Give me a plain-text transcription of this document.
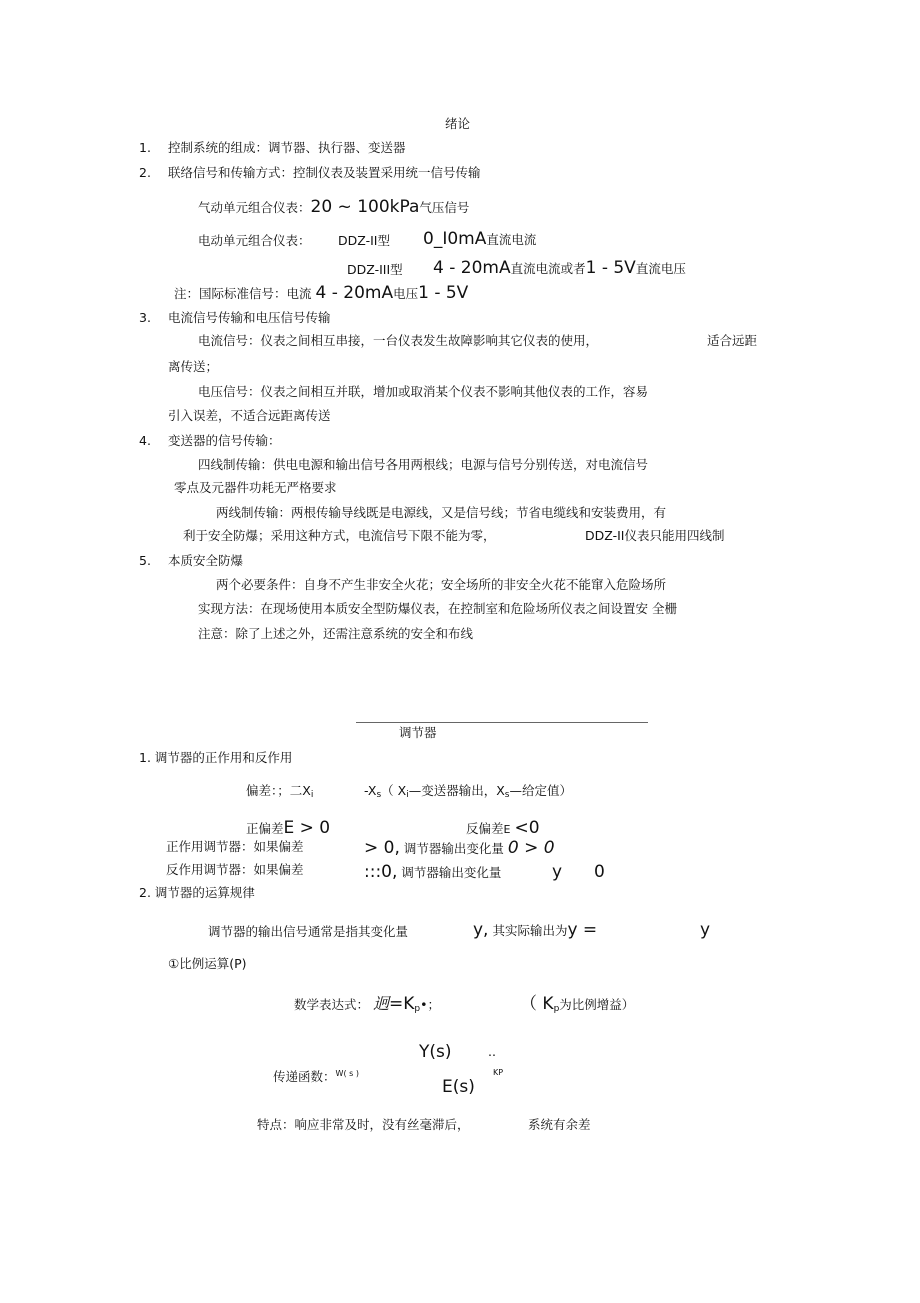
绪论
1. 控制系统的组成：调节器、执行器、变送器
2. 联络信号和传输方式：控制仪表及装置采用统一信号传输
气动单元组合仪表：20 ~ 100kPa气压信号
电动单元组合仪表： DDZ-II型 0_I0mA直流电流
DDZ-III型 4 - 20mA直流电流或者1 - 5V直流电压
注：国际标准信号：电流 4 - 20mA电压1 - 5V
3. 电流信号传输和电压信号传输
电流信号：仪表之间相互串接，一台仪表发生故障影响其它仪表的使用，	适合远距
离传送；
电压信号：仪表之间相互并联，增加或取消某个仪表不影响其他仪表的工作，容易
引入误差，不适合远距离传送
4. 变送器的信号传输：
四线制传输：供电电源和输出信号各用两根线；电源与信号分别传送，对电流信号
零点及元器件功耗无严格要求
两线制传输：两根传输导线既是电源线，又是信号线；节省电缆线和安装费用，有
利于安全防爆；采用这种方式，电流信号下限不能为零，	DDZ-II仪表只能用四线制
5. 本质安全防爆
两个必要条件：自身不产生非安全火花；安全场所的非安全火花不能窜入危险场所
实现方法：在现场使用本质安全型防爆仪表，在控制室和危险场所仪表之间设置安 全栅
注意：除了上述之外，还需注意系统的安全和布线
调节器
1. 调节器的正作用和反作用
偏差：；二$X_i$	$-X_s$（ $X_i—$变送器输出，$X_s—$给定值）
正偏差E > 0	反偏差E <0
正作用调节器：如果偏差	> 0, 调节器输出变化量 0 > 0
反作用调节器：如果偏差	:::0, 调节器输出变化量	y 0
2. 调节器的运算规律
调节器的输出信号通常是指其变化量	y, 其实际输出为y =	y
①比例运算(P)
数学表达式： 迥$=K_p•$；	（ $K_p$为比例增益）
Y(s)	..
传递函数：$^{W( s )}$	KP
E(s)
特点：响应非常及时，没有丝毫滞后，	系统有余差
